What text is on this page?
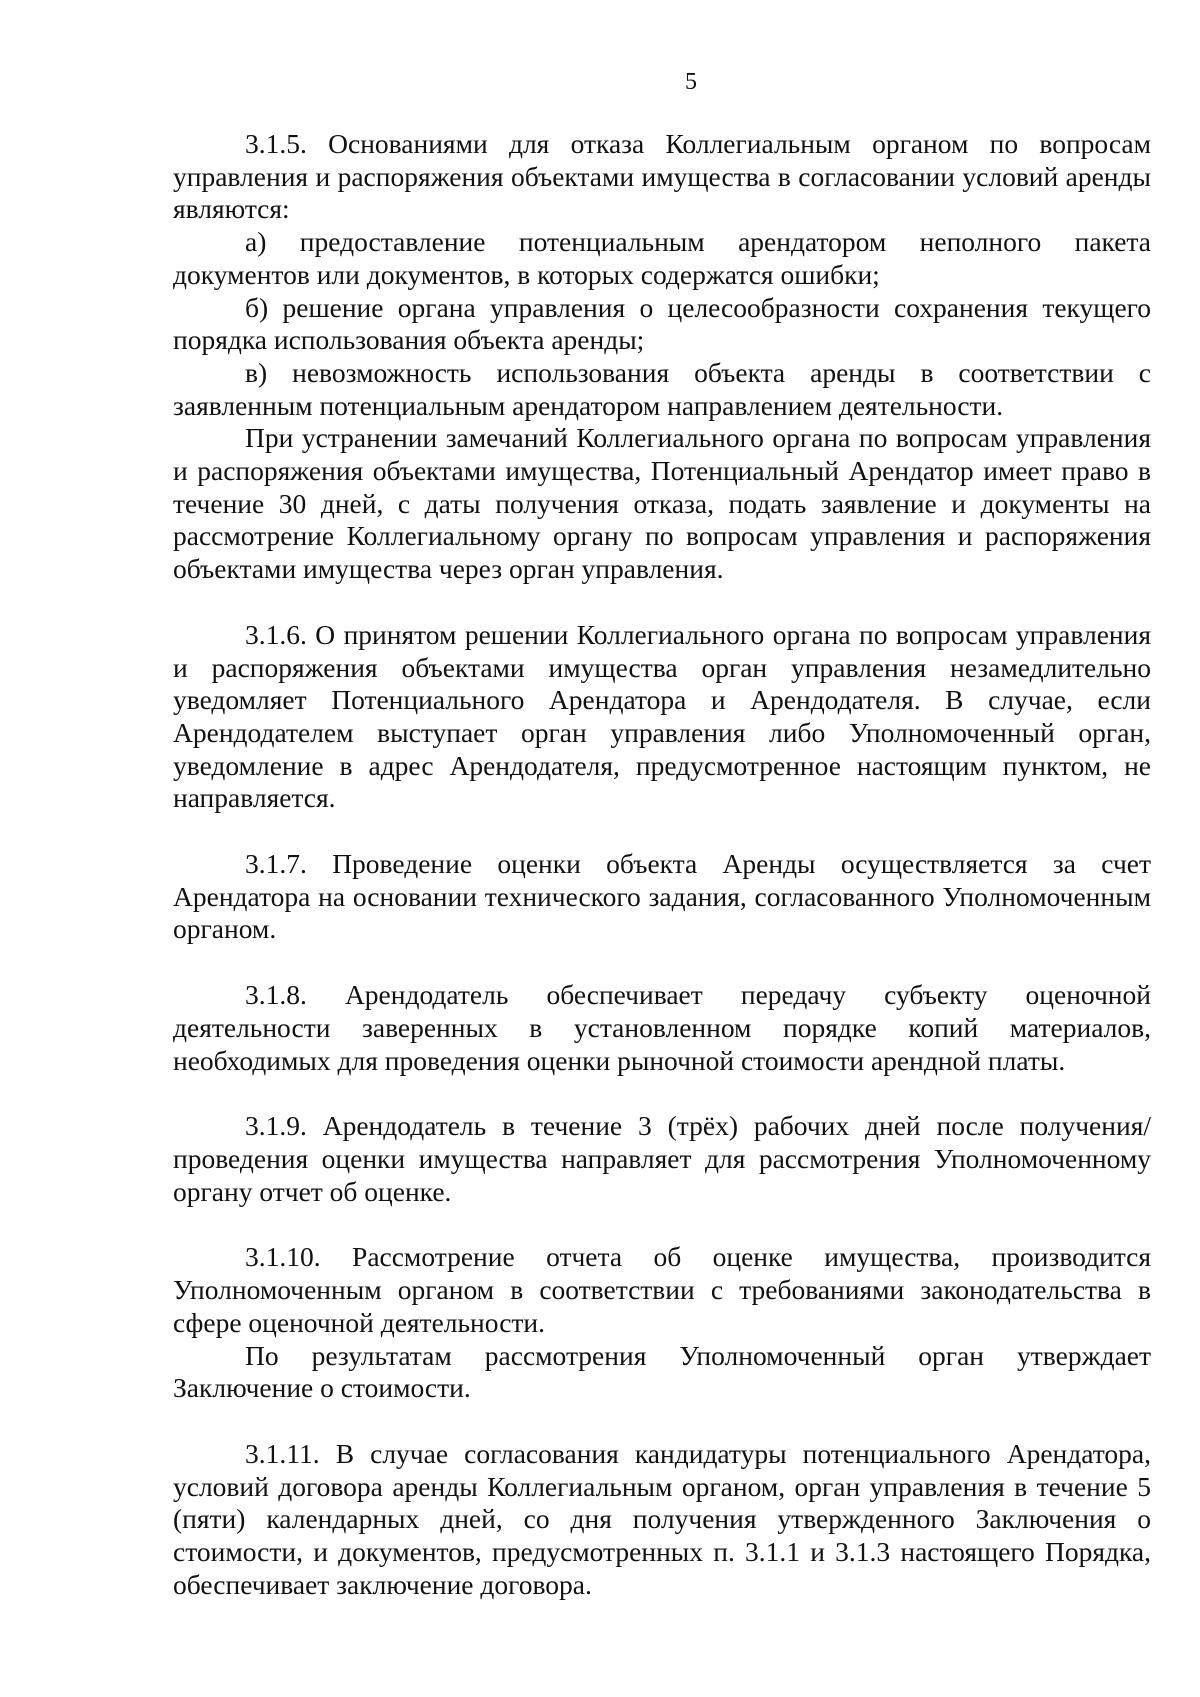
5

3.1.5. Основаниями для отказа Коллегиальным органом по вопросам управления и распоряжения объектами имущества в согласовании условий аренды являются:

а) предоставление потенциальным арендатором неполного пакета документов или документов, в которых содержатся ошибки;

б) решение органа управления о целесообразности сохранения текущего порядка использования объекта аренды;

в) невозможность использования объекта аренды в соответствии с заявленным потенциальным арендатором направлением деятельности.

При устранении замечаний Коллегиального органа по вопросам управления и распоряжения объектами имущества, Потенциальный Арендатор имеет право в течение 30 дней, с даты получения отказа, подать заявление и документы на рассмотрение Коллегиальному органу по вопросам управления и распоряжения объектами имущества через орган управления.

3.1.6. О принятом решении Коллегиального органа по вопросам управления и распоряжения объектами имущества орган управления незамедлительно уведомляет Потенциального Арендатора и Арендодателя. В случае, если Арендодателем выступает орган управления либо Уполномоченный орган, уведомление в адрес Арендодателя, предусмотренное настоящим пунктом, не направляется.

3.1.7. Проведение оценки объекта Аренды осуществляется за счет Арендатора на основании технического задания, согласованного Уполномоченным органом.

3.1.8. Арендодатель обеспечивает передачу субъекту оценочной деятельности заверенных в установленном порядке копий материалов, необходимых для проведения оценки рыночной стоимости арендной платы.

3.1.9. Арендодатель в течение 3 (трёх) рабочих дней после получения/проведения оценки имущества направляет для рассмотрения Уполномоченному органу отчет об оценке.

3.1.10. Рассмотрение отчета об оценке имущества, производится Уполномоченным органом в соответствии с требованиями законодательства в сфере оценочной деятельности.

По результатам рассмотрения Уполномоченный орган утверждает Заключение о стоимости.

3.1.11. В случае согласования кандидатуры потенциального Арендатора, условий договора аренды Коллегиальным органом, орган управления в течение 5 (пяти) календарных дней, со дня получения утвержденного Заключения о стоимости, и документов, предусмотренных п. 3.1.1 и 3.1.3 настоящего Порядка, обеспечивает заключение договора.
